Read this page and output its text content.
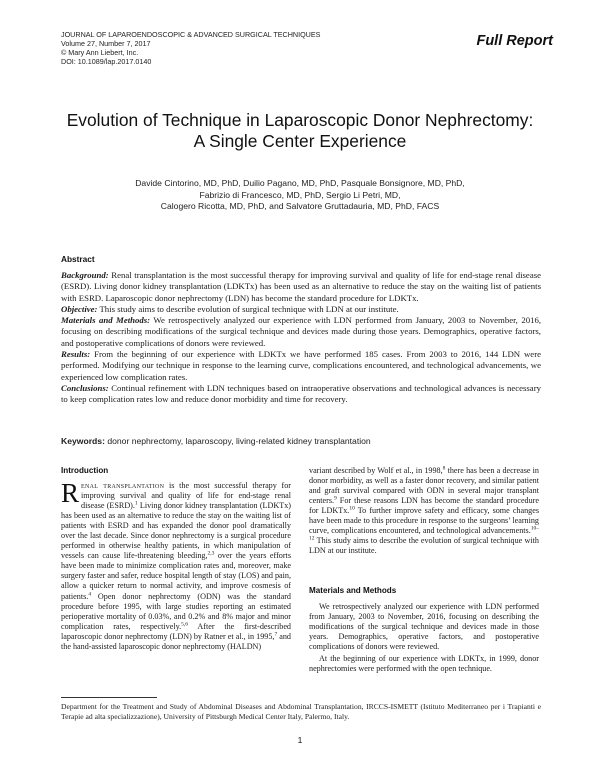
JOURNAL OF LAPAROENDOSCOPIC & ADVANCED SURGICAL TECHNIQUES
Volume 27, Number 7, 2017
© Mary Ann Liebert, Inc.
DOI: 10.1089/lap.2017.0140
Full Report
Evolution of Technique in Laparoscopic Donor Nephrectomy:
A Single Center Experience
Davide Cintorino, MD, PhD, Duilio Pagano, MD, PhD, Pasquale Bonsignore, MD, PhD,
Fabrizio di Francesco, MD, PhD, Sergio Li Petri, MD,
Calogero Ricotta, MD, PhD, and Salvatore Gruttadauria, MD, PhD, FACS
Abstract

Background: Renal transplantation is the most successful therapy for improving survival and quality of life for end-stage renal disease (ESRD). Living donor kidney transplantation (LDKTx) has been used as an alternative to reduce the stay on the waiting list of patients with ESRD. Laparoscopic donor nephrectomy (LDN) has become the standard procedure for LDKTx.

Objective: This study aims to describe evolution of surgical technique with LDN at our institute.

Materials and Methods: We retrospectively analyzed our experience with LDN performed from January, 2003 to November, 2016, focusing on describing modifications of the surgical technique and devices made during those years. Demographics, operative factors, and postoperative complications of donors were reviewed.

Results: From the beginning of our experience with LDKTx we have performed 185 cases. From 2003 to 2016, 144 LDN were performed. Modifying our technique in response to the learning curve, complications encountered, and technological advancements, we experienced low complication rates.

Conclusions: Continual refinement with LDN techniques based on intraoperative observations and technological advances is necessary to keep complication rates low and reduce donor morbidity and time for recovery.

Keywords: donor nephrectomy, laparoscopy, living-related kidney transplantation
Introduction

Renal transplantation is the most successful therapy for improving survival and quality of life for end-stage renal disease (ESRD).$^1$ Living donor kidney transplantation (LDKTx) has been used as an alternative to reduce the stay on the waiting list of patients with ESRD and has expanded the donor pool dramatically over the last decade. Since donor nephrectomy is a surgical procedure performed in otherwise healthy patients, in which manipulation of vessels can cause life-threatening bleeding,$^{2,3}$ over the years efforts have been made to minimize complication rates and, moreover, make surgery faster and safer, reduce hospital length of stay (LOS) and pain, allow a quicker return to normal activity, and improve cosmesis of patients.$^4$ Open donor nephrectomy (ODN) was the standard procedure before 1995, with large studies reporting an estimated perioperative mortality of 0.03%, and 0.2% and 8% major and minor complication rates, respectively.$^{5,6}$ After the first-described laparoscopic donor nephrectomy (LDN) by Ratner et al., in 1995,$^7$ and the hand-assisted laparoscopic donor nephrectomy (HALDN)

variant described by Wolf et al., in 1998,$^8$ there has been a decrease in donor morbidity, as well as a faster donor recovery, and similar patient and graft survival compared with ODN in several major transplant centers.$^9$ For these reasons LDN has become the standard procedure for LDKTx.$^{10}$ To further improve safety and efficacy, some changes have been made to this procedure in response to the surgeons’ learning curve, complications encountered, and technological advancements.$^{10-12}$ This study aims to describe the evolution of surgical technique with LDN at our institute.

Materials and Methods

We retrospectively analyzed our experience with LDN performed from January, 2003 to November, 2016, focusing on describing the modifications of the surgical technique and devices made in those years. Demographics, operative factors, and postoperative complications of donors were reviewed.

At the beginning of our experience with LDKTx, in 1999, donor nephrectomies were performed with the open technique.

Department for the Treatment and Study of Abdominal Diseases and Abdominal Transplantation, IRCCS-ISMETT (Istituto Mediterraneo per i Trapianti e Terapie ad alta specializzazione), University of Pittsburgh Medical Center Italy, Palermo, Italy.
1
